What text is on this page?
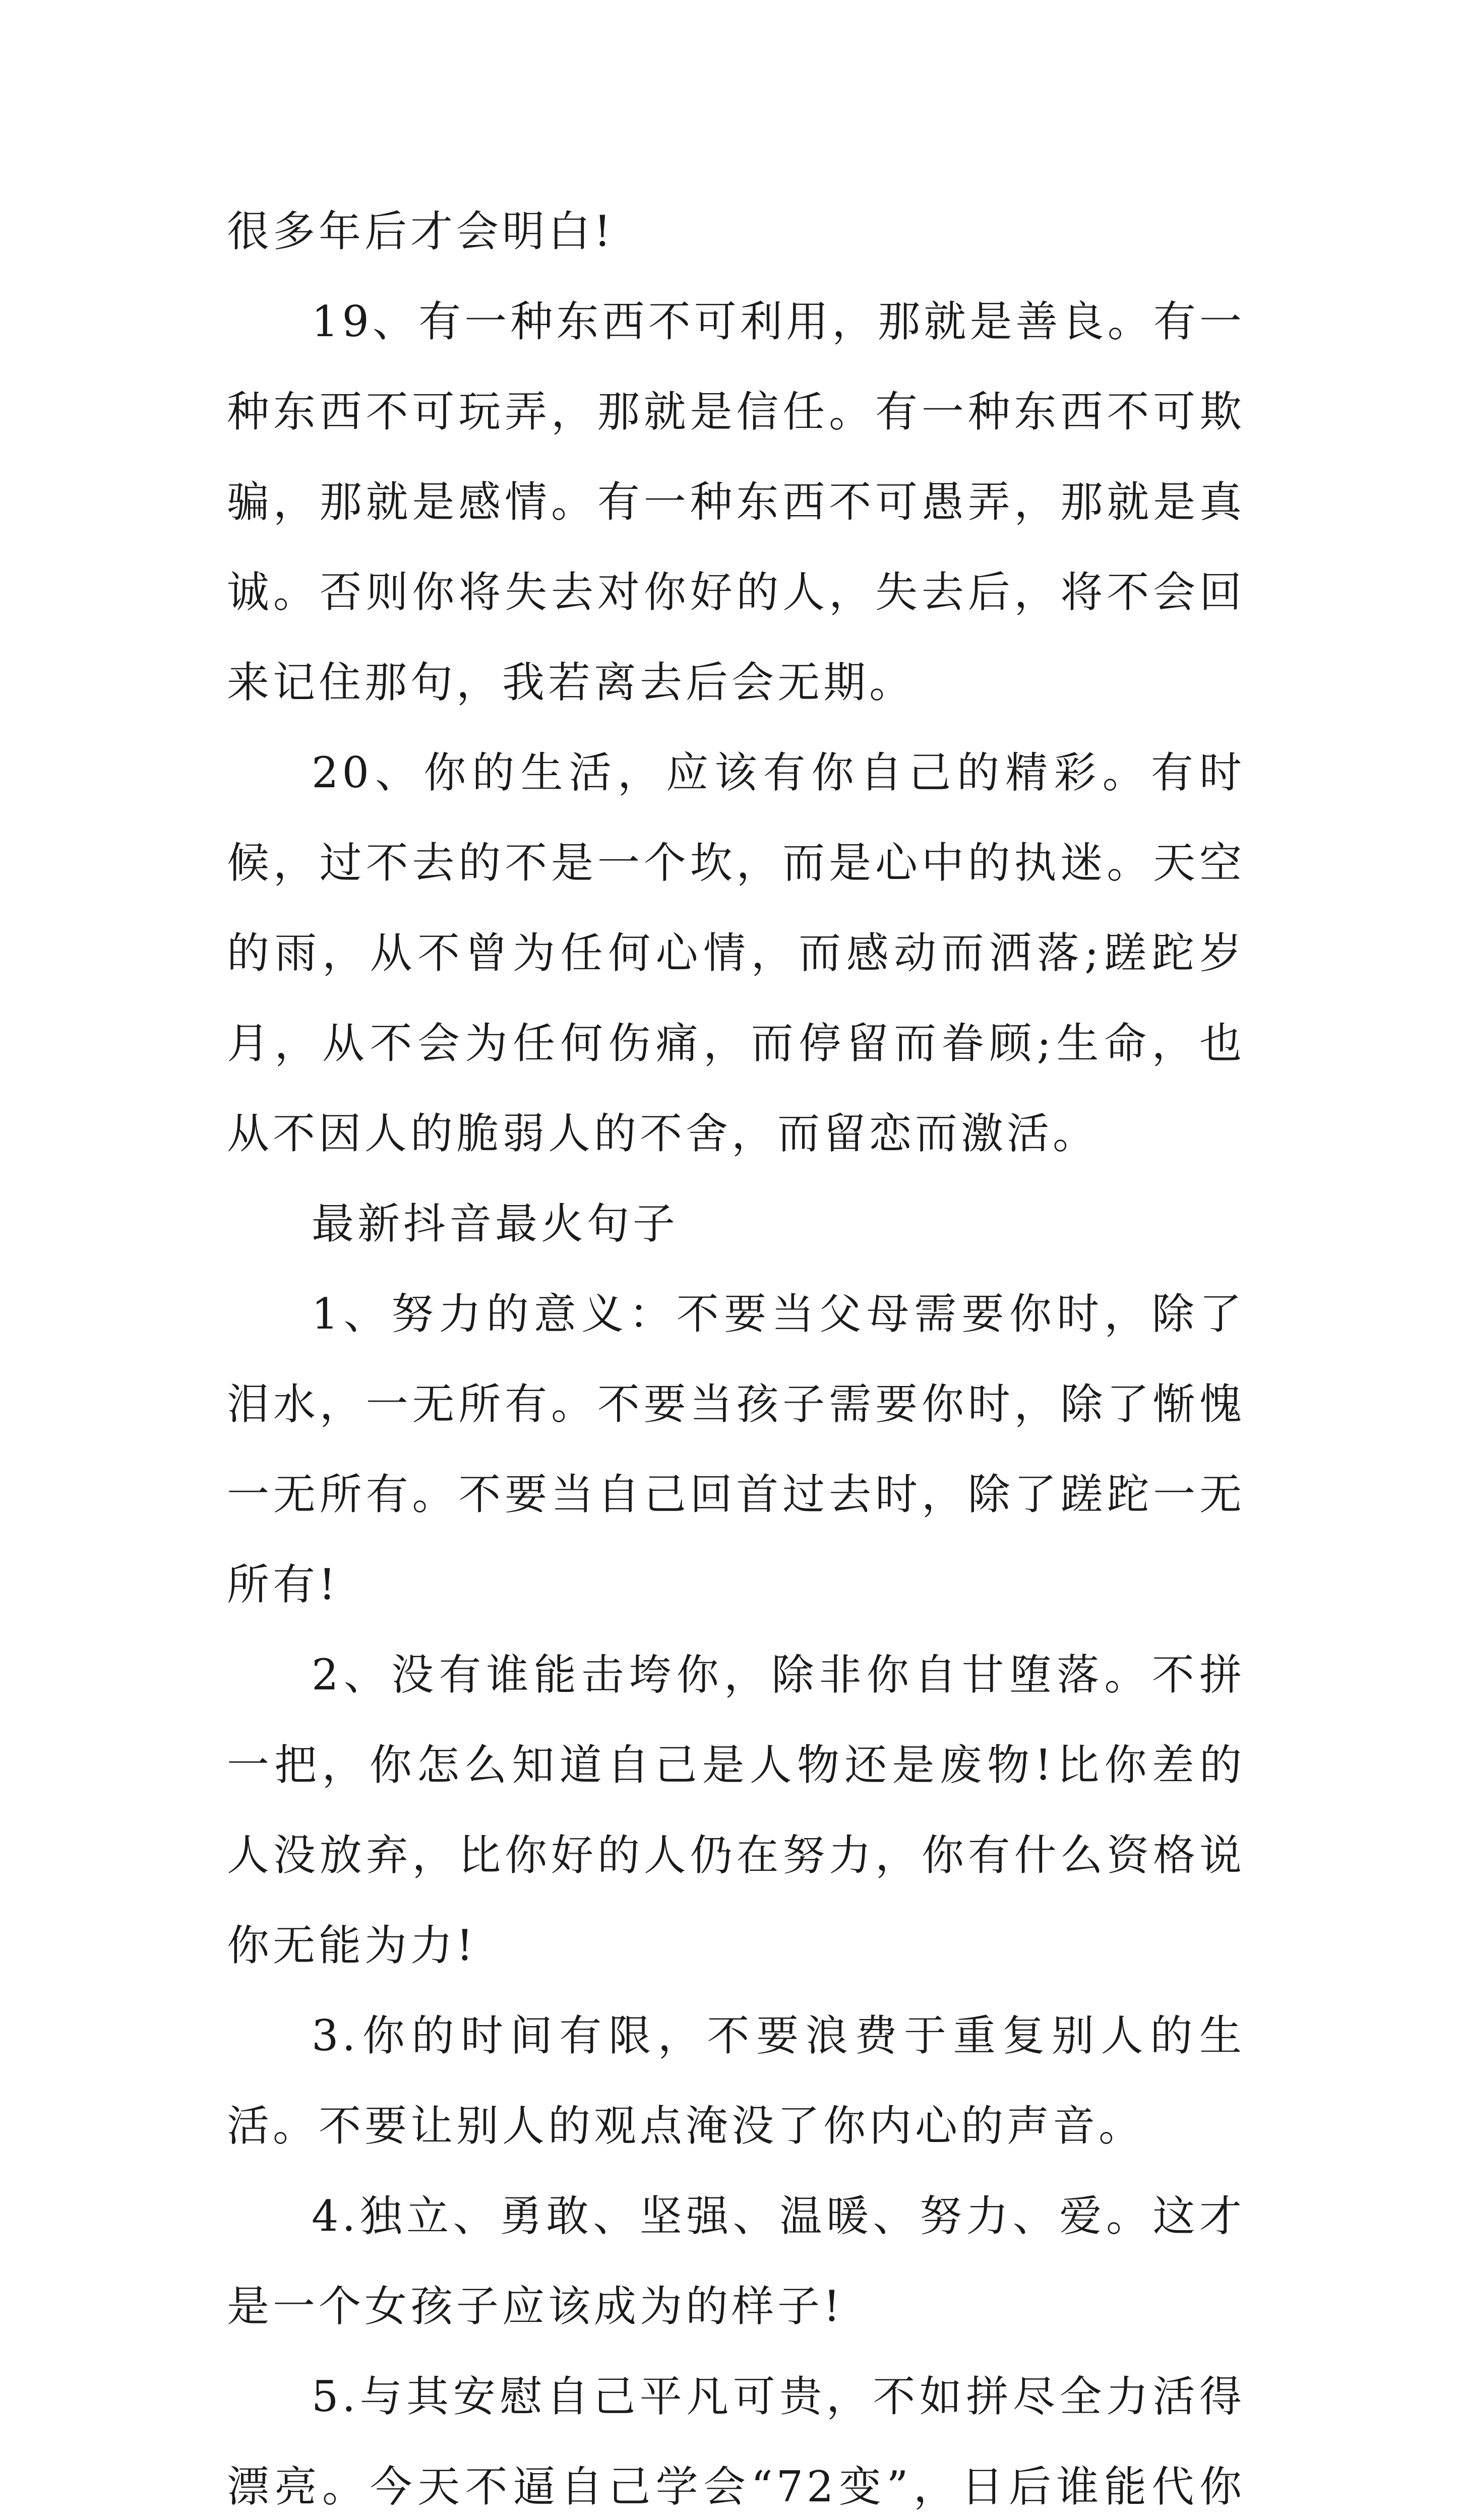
很多年后才会明白!

19、有一种东西不可利用，那就是善良。有一种东西不可玩弄，那就是信任。有一种东西不可欺骗，那就是感情。有一种东西不可愚弄，那就是真诚。否则你将失去对你好的人，失去后，将不会回来记住那句，我若离去后会无期。

20、你的生活，应该有你自己的精彩。有时候，过不去的不是一个坎，而是心中的执迷。天空的雨，从不曾为任何心情，而感动而洒落;蹉跎岁月，从不会为任何伤痛，而停留而眷顾;生命，也从不因人的脆弱人的不舍，而留恋而激活。

最新抖音最火句子

1、努力的意义：不要当父母需要你时，除了泪水，一无所有。不要当孩子需要你时，除了惭愧一无所有。不要当自己回首过去时，除了蹉跎一无所有!

2、没有谁能击垮你，除非你自甘堕落。不拼一把，你怎么知道自己是人物还是废物!比你差的人没放弃，比你好的人仍在努力，你有什么资格说你无能为力!

3.你的时间有限，不要浪费于重复别人的生活。不要让别人的观点淹没了你内心的声音。

4.独立、勇敢、坚强、温暖、努力、爱。这才是一个女孩子应该成为的样子!

5.与其安慰自己平凡可贵，不如拼尽全力活得漂亮。今天不逼自己学会“72变”，日后谁能代你
